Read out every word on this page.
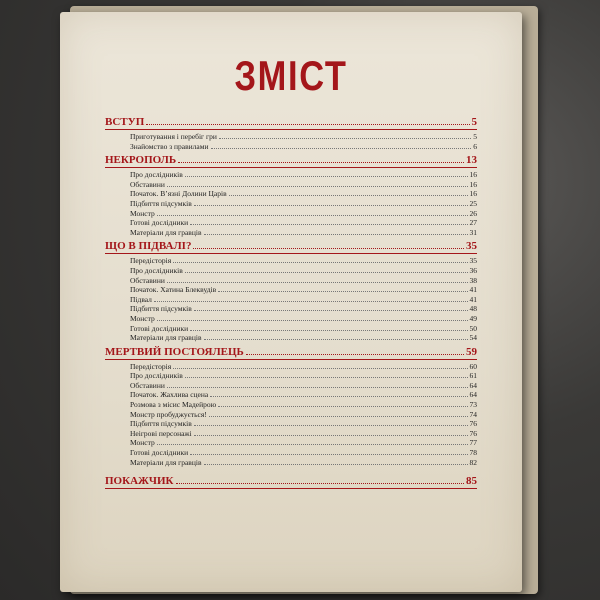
ЗМІСТ
ВСТУП	5
Приготування і перебіг гри	5
Знайомство з правилами	6
НЕКРОПОЛЬ	13
Про дослідників	16
Обставини	16
Початок. В’язні Долини Царів	16
Підбиття підсумків	25
Монстр	26
Готові дослідники	27
Матеріали для гравців	31
ЩО В ПІДВАЛІ?	35
Передісторія	35
Про дослідників	36
Обставини	38
Початок. Хатина Блеквудів	41
Підвал	41
Підбиття підсумків	48
Монстр	49
Готові дослідники	50
Матеріали для гравців	54
МЕРТВИЙ ПОСТОЯЛЕЦЬ	59
Передісторія	60
Про дослідників	61
Обставини	64
Початок. Жахлива сцена	64
Розмова з місис Мадейрою	73
Монстр пробуджується!	74
Підбиття підсумків	76
Неігрові персонажі	76
Монстр	77
Готові дослідники	78
Матеріали для гравців	82
ПОКАЖЧИК	85
